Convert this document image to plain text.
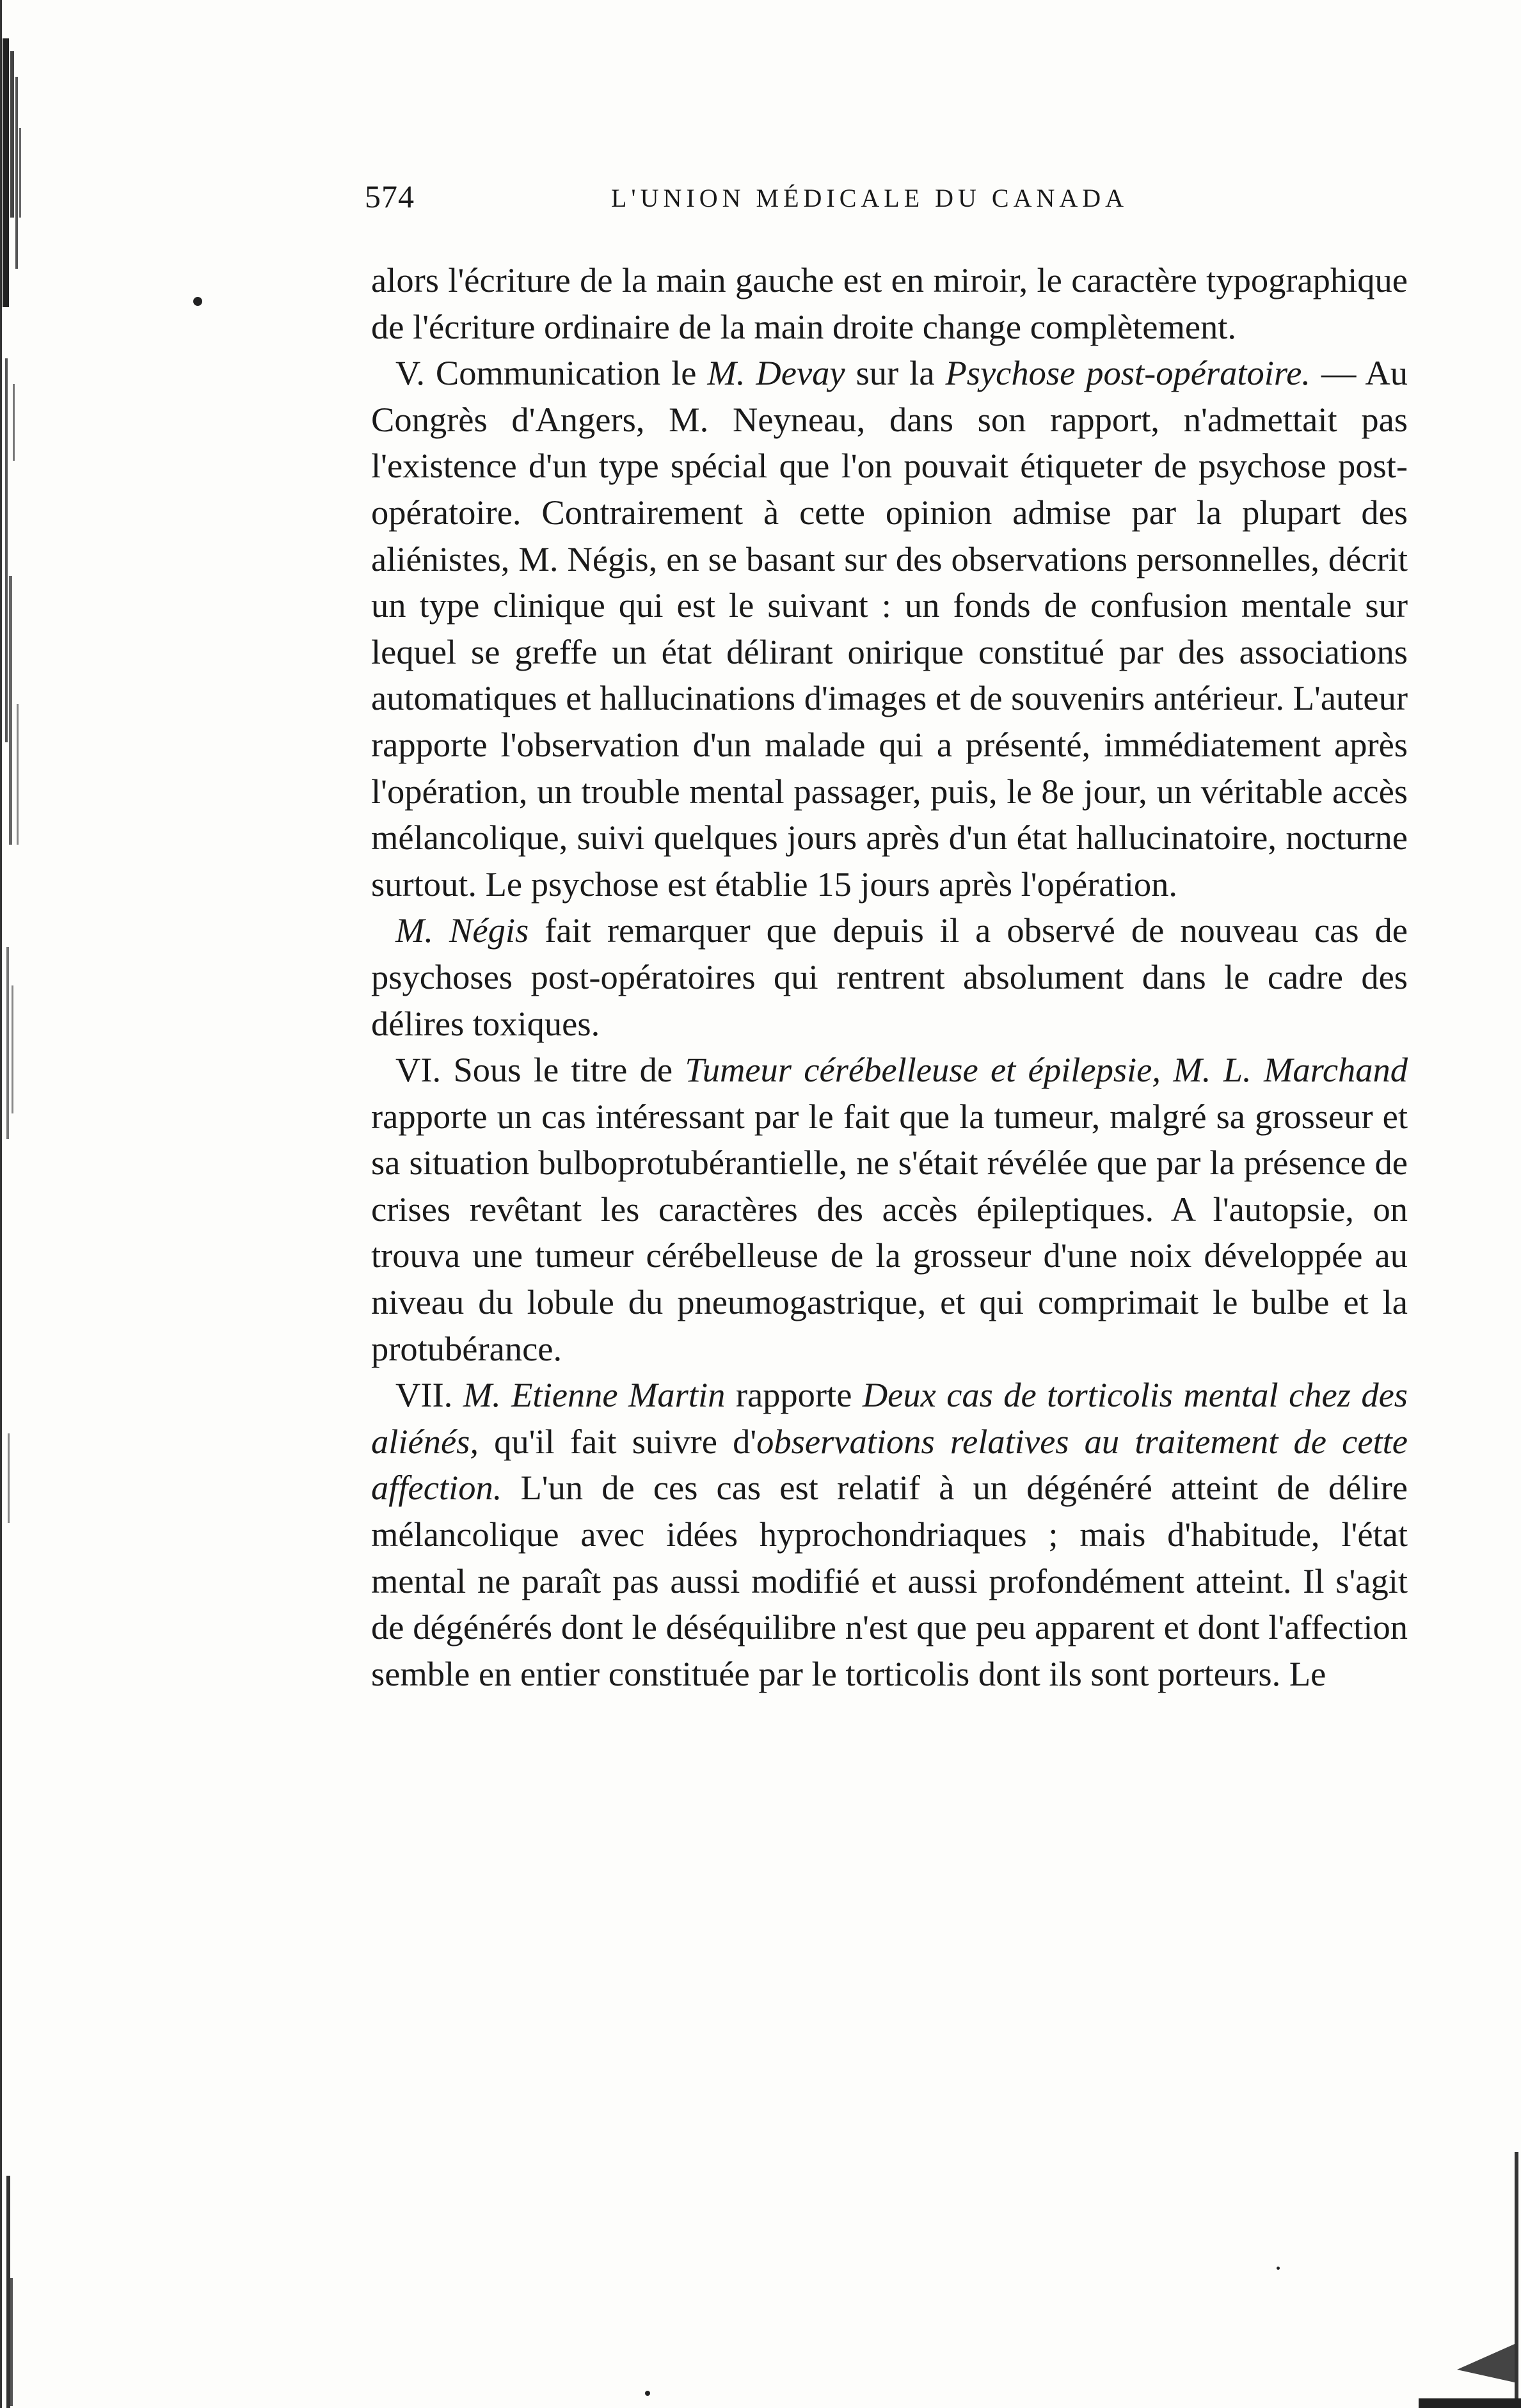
574	L'UNION MÉDICALE DU CANADA

alors l'écriture de la main gauche est en miroir, le caractère typographique de l'écriture ordinaire de la main droite change complètement.

V. Communication le M. Devay sur la Psychose post-opératoire. — Au Congrès d'Angers, M. Neyneau, dans son rapport, n'admettait pas l'existence d'un type spécial que l'on pouvait étiqueter de psychose post-opératoire. Contrairement à cette opinion admise par la plupart des aliénistes, M. Négis, en se basant sur des observations personnelles, décrit un type clinique qui est le suivant : un fonds de confusion mentale sur lequel se greffe un état délirant onirique constitué par des associations automatiques et hallucinations d'images et de souvenirs antérieur. L'auteur rapporte l'observation d'un malade qui a présenté, immédiatement après l'opération, un trouble mental passager, puis, le 8e jour, un véritable accès mélancolique, suivi quelques jours après d'un état hallucinatoire, nocturne surtout. Le psychose est établie 15 jours après l'opération.

M. Négis fait remarquer que depuis il a observé de nouveau cas de psychoses post-opératoires qui rentrent absolument dans le cadre des délires toxiques.

VI. Sous le titre de Tumeur cérébelleuse et épilepsie, M. L. Marchand rapporte un cas intéressant par le fait que la tumeur, malgré sa grosseur et sa situation bulboprotubérantielle, ne s'était révélée que par la présence de crises revêtant les caractères des accès épileptiques. A l'autopsie, on trouva une tumeur cérébelleuse de la grosseur d'une noix développée au niveau du lobule du pneumogastrique, et qui comprimait le bulbe et la protubérance.

VII. M. Etienne Martin rapporte Deux cas de torticolis mental chez des aliénés, qu'il fait suivre d'observations relatives au traitement de cette affection. L'un de ces cas est relatif à un dégénéré atteint de délire mélancolique avec idées hyprochondriaques ; mais d'habitude, l'état mental ne paraît pas aussi modifié et aussi profondément atteint. Il s'agit de dégénérés dont le déséquilibre n'est que peu apparent et dont l'affection semble en entier constituée par le torticolis dont ils sont porteurs. Le
